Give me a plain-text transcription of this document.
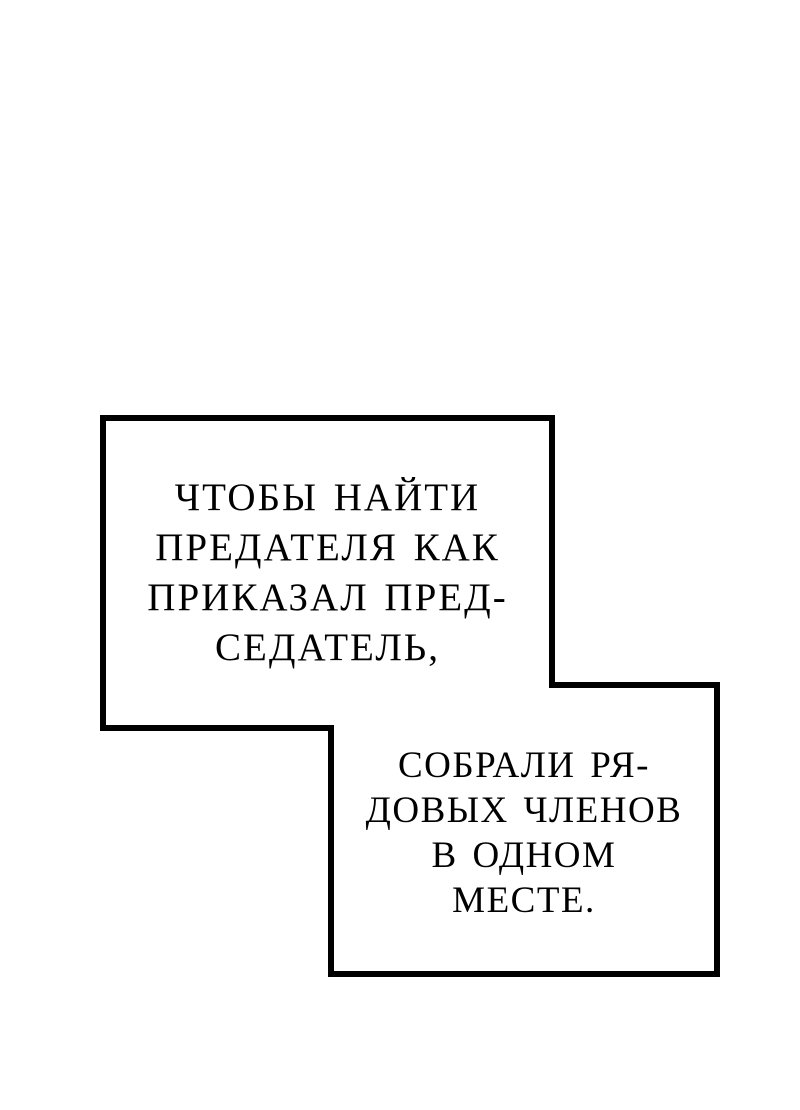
ЧТОБЫ НАЙТИ
ПРЕДАТЕЛЯ КАК
ПРИКАЗАЛ ПРЕД-
СЕДАТЕЛЬ,
СОБРАЛИ РЯ-
ДОВЫХ ЧЛЕНОВ
В ОДНОМ
МЕСТЕ.
